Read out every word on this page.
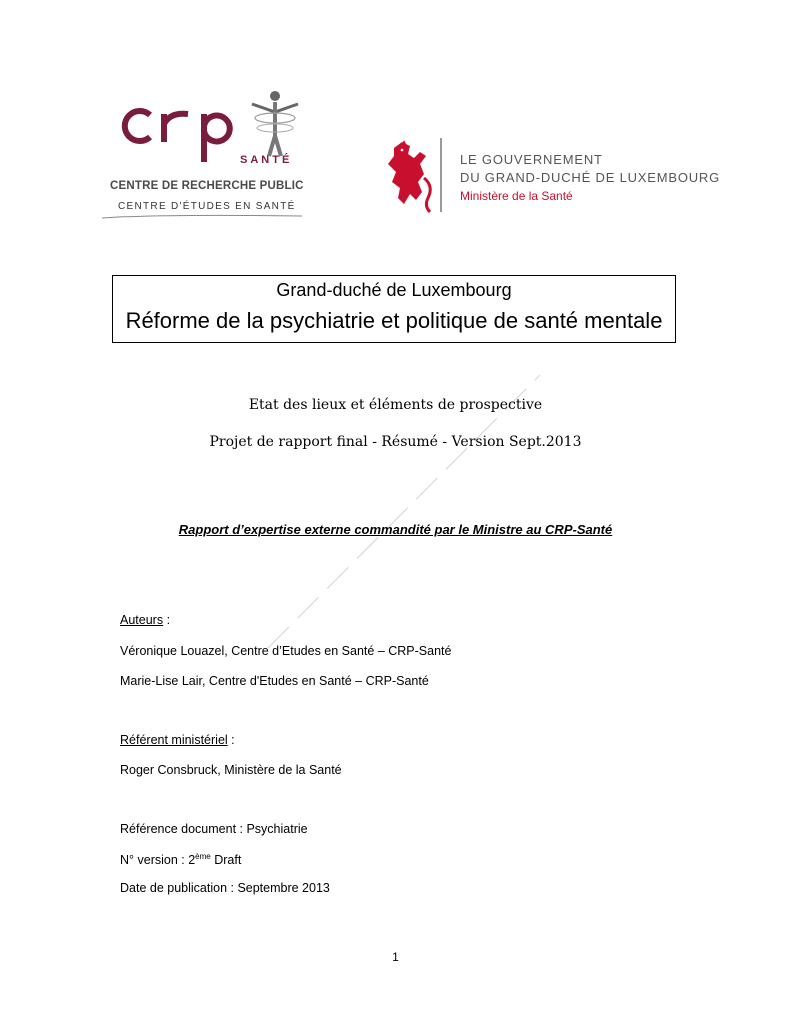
SANTÉ
CENTRE DE RECHERCHE PUBLIC
CENTRE D'ÉTUDES EN SANTÉ
LE GOUVERNEMENT
DU GRAND-DUCHÉ DE LUXEMBOURG
Ministère de la Santé
Grand-duché de Luxembourg
Réforme de la psychiatrie et politique de santé mentale
Etat des lieux et éléments de prospective
Projet de rapport final - Résumé - Version Sept.2013
Rapport d’expertise externe commandité par le Ministre au CRP-Santé
Auteurs :
Véronique Louazel, Centre d’Etudes en Santé – CRP-Santé
Marie-Lise Lair, Centre d'Etudes en Santé – CRP-Santé
Référent ministériel :
Roger Consbruck, Ministère de la Santé
Référence document : Psychiatrie
N° version : 2ème Draft
Date de publication : Septembre 2013
1
